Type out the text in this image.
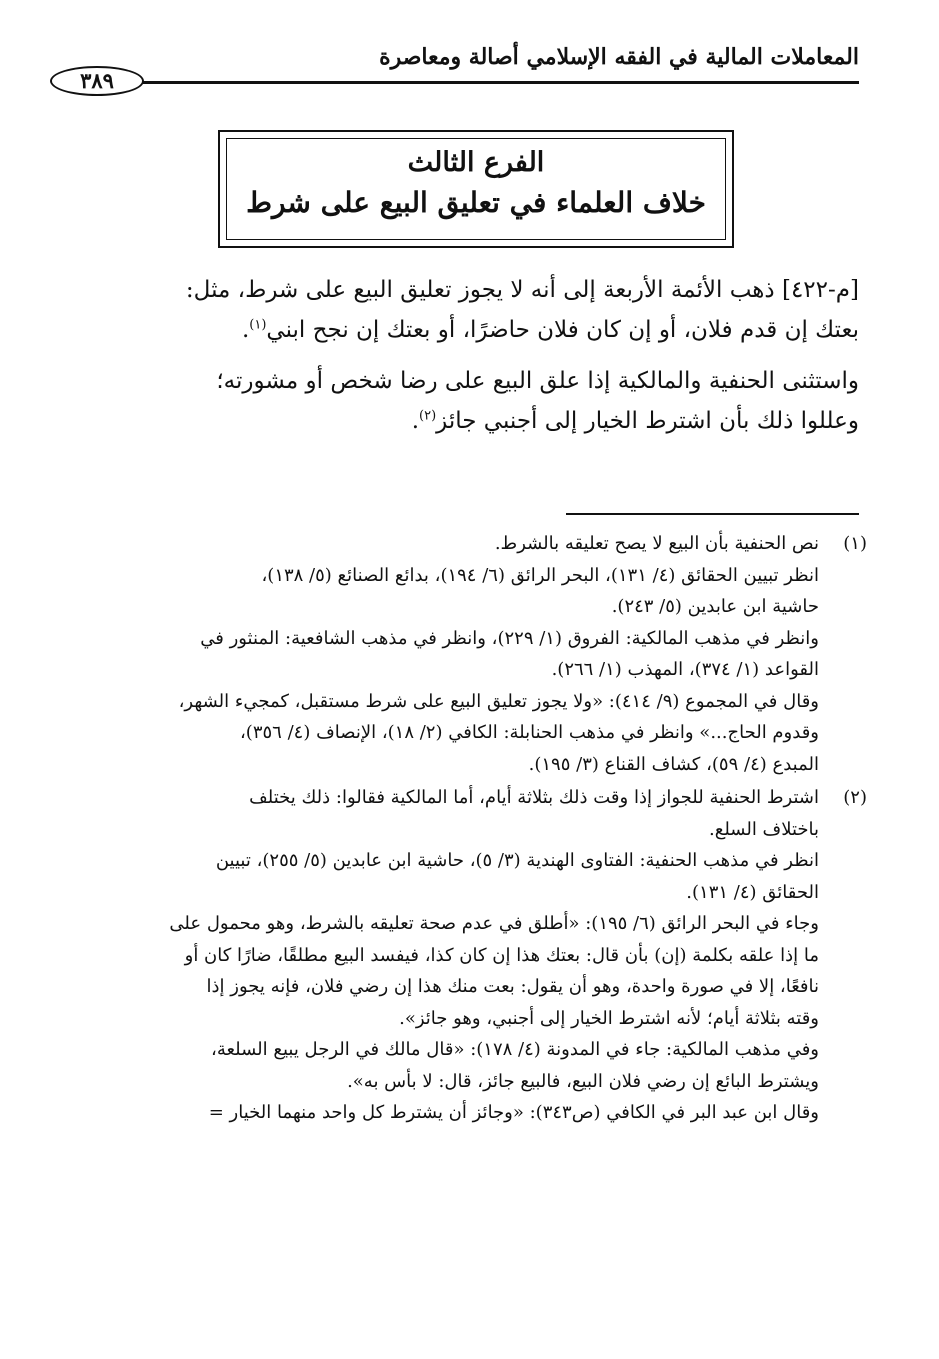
المعاملات المالية في الفقه الإسلامي أصالة ومعاصرة
٣٨٩
الفرع الثالث
خلاف العلماء في تعليق البيع على شرط

[م-٤٢٢] ذهب الأئمة الأربعة إلى أنه لا يجوز تعليق البيع على شرط، مثل:

بعتك إن قدم فلان، أو إن كان فلان حاضرًا، أو بعتك إن نجح ابني$^{(١)}$.

واستثنى الحنفية والمالكية إذا علق البيع على رضا شخص أو مشورته؛

وعللوا ذلك بأن اشترط الخيار إلى أجنبي جائز$^{(٢)}$.

(١)
نص الحنفية بأن البيع لا يصح تعليقه بالشرط.
انظر تبيين الحقائق (٤/ ١٣١)، البحر الرائق (٦/ ١٩٤)، بدائع الصنائع (٥/ ١٣٨)،
حاشية ابن عابدين (٥/ ٢٤٣).
وانظر في مذهب المالكية: الفروق (١/ ٢٢٩)، وانظر في مذهب الشافعية: المنثور في
القواعد (١/ ٣٧٤)، المهذب (١/ ٢٦٦).
وقال في المجموع (٩/ ٤١٤): «ولا يجوز تعليق البيع على شرط مستقبل، كمجيء الشهر،
وقدوم الحاج...» وانظر في مذهب الحنابلة: الكافي (٢/ ١٨)، الإنصاف (٤/ ٣٥٦)،
المبدع (٤/ ٥٩)، كشاف القناع (٣/ ١٩٥).
(٢)
اشترط الحنفية للجواز إذا وقت ذلك بثلاثة أيام، أما المالكية فقالوا: ذلك يختلف
باختلاف السلع.
انظر في مذهب الحنفية: الفتاوى الهندية (٣/ ٥)، حاشية ابن عابدين (٥/ ٢٥٥)، تبيين
الحقائق (٤/ ١٣١).
وجاء في البحر الرائق (٦/ ١٩٥): «أطلق في عدم صحة تعليقه بالشرط، وهو محمول على
ما إذا علقه بكلمة (إن) بأن قال: بعتك هذا إن كان كذا، فيفسد البيع مطلقًا، ضارًا كان أو
نافعًا، إلا في صورة واحدة، وهو أن يقول: بعت منك هذا إن رضي فلان، فإنه يجوز إذا
وقته بثلاثة أيام؛ لأنه اشترط الخيار إلى أجنبي، وهو جائز».
وفي مذهب المالكية: جاء في المدونة (٤/ ١٧٨): «قال مالك في الرجل يبيع السلعة،
ويشترط البائع إن رضي فلان البيع، فالبيع جائز، قال: لا بأس به».
وقال ابن عبد البر في الكافي (ص٣٤٣): «وجائز أن يشترط كل واحد منهما الخيار =
